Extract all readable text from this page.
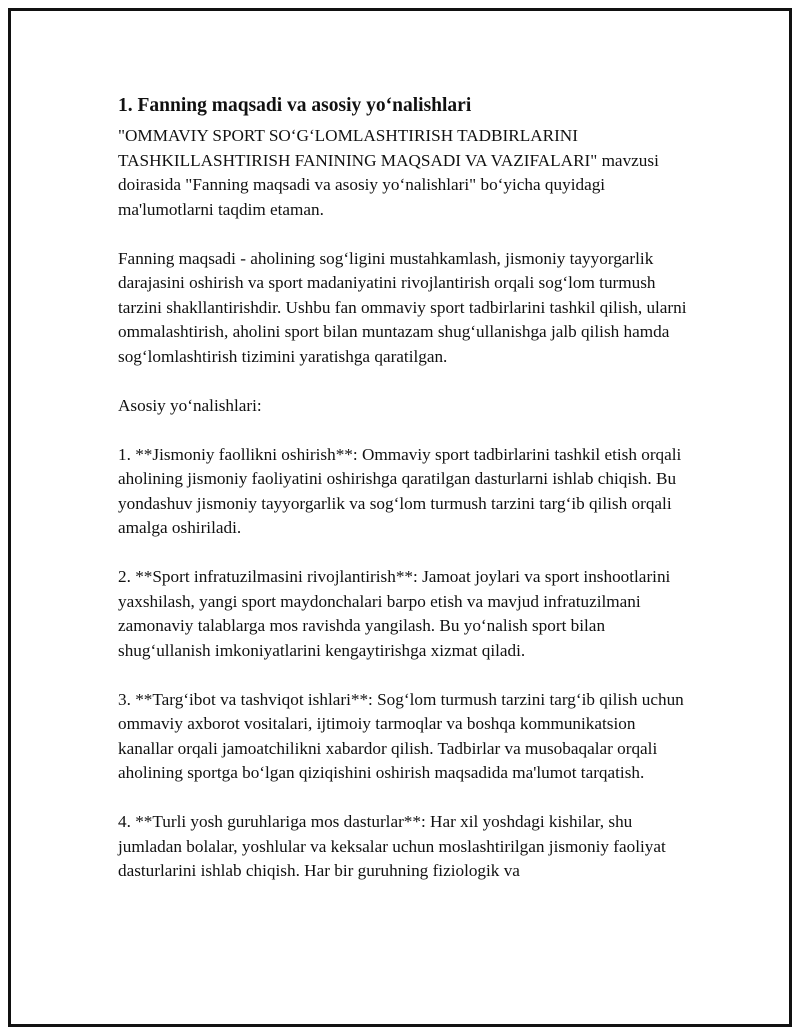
1. Fanning maqsadi va asosiy yo‘nalishlari

"OMMAVIY SPORT SO‘G‘LOMLASHTIRISH TADBIRLARINI TASHKILLASHTIRISH FANINING MAQSADI VA VAZIFALARI" mavzusi doirasida "Fanning maqsadi va asosiy yo‘nalishlari" bo‘yicha quyidagi ma'lumotlarni taqdim etaman.

Fanning maqsadi - aholining sog‘ligini mustahkamlash, jismoniy tayyorgarlik darajasini oshirish va sport madaniyatini rivojlantirish orqali sog‘lom turmush tarzini shakllantirishdir. Ushbu fan ommaviy sport tadbirlarini tashkil qilish, ularni ommalashtirish, aholini sport bilan muntazam shug‘ullanishga jalb qilish hamda sog‘lomlashtirish tizimini yaratishga qaratilgan.

Asosiy yo‘nalishlari:

1. **Jismoniy faollikni oshirish**: Ommaviy sport tadbirlarini tashkil etish orqali aholining jismoniy faoliyatini oshirishga qaratilgan dasturlarni ishlab chiqish. Bu yondashuv jismoniy tayyorgarlik va sog‘lom turmush tarzini targ‘ib qilish orqali amalga oshiriladi.

2. **Sport infratuzilmasini rivojlantirish**: Jamoat joylari va sport inshootlarini yaxshilash, yangi sport maydonchalari barpo etish va mavjud infratuzilmani zamonaviy talablarga mos ravishda yangilash. Bu yo‘nalish sport bilan shug‘ullanish imkoniyatlarini kengaytirishga xizmat qiladi.

3. **Targ‘ibot va tashviqot ishlari**: Sog‘lom turmush tarzini targ‘ib qilish uchun ommaviy axborot vositalari, ijtimoiy tarmoqlar va boshqa kommunikatsion kanallar orqali jamoatchilikni xabardor qilish. Tadbirlar va musobaqalar orqali aholining sportga bo‘lgan qiziqishini oshirish maqsadida ma'lumot tarqatish.

4. **Turli yosh guruhlariga mos dasturlar**: Har xil yoshdagi kishilar, shu jumladan bolalar, yoshlular va keksalar uchun moslashtirilgan jismoniy faoliyat dasturlarini ishlab chiqish. Har bir guruhning fiziologik va
